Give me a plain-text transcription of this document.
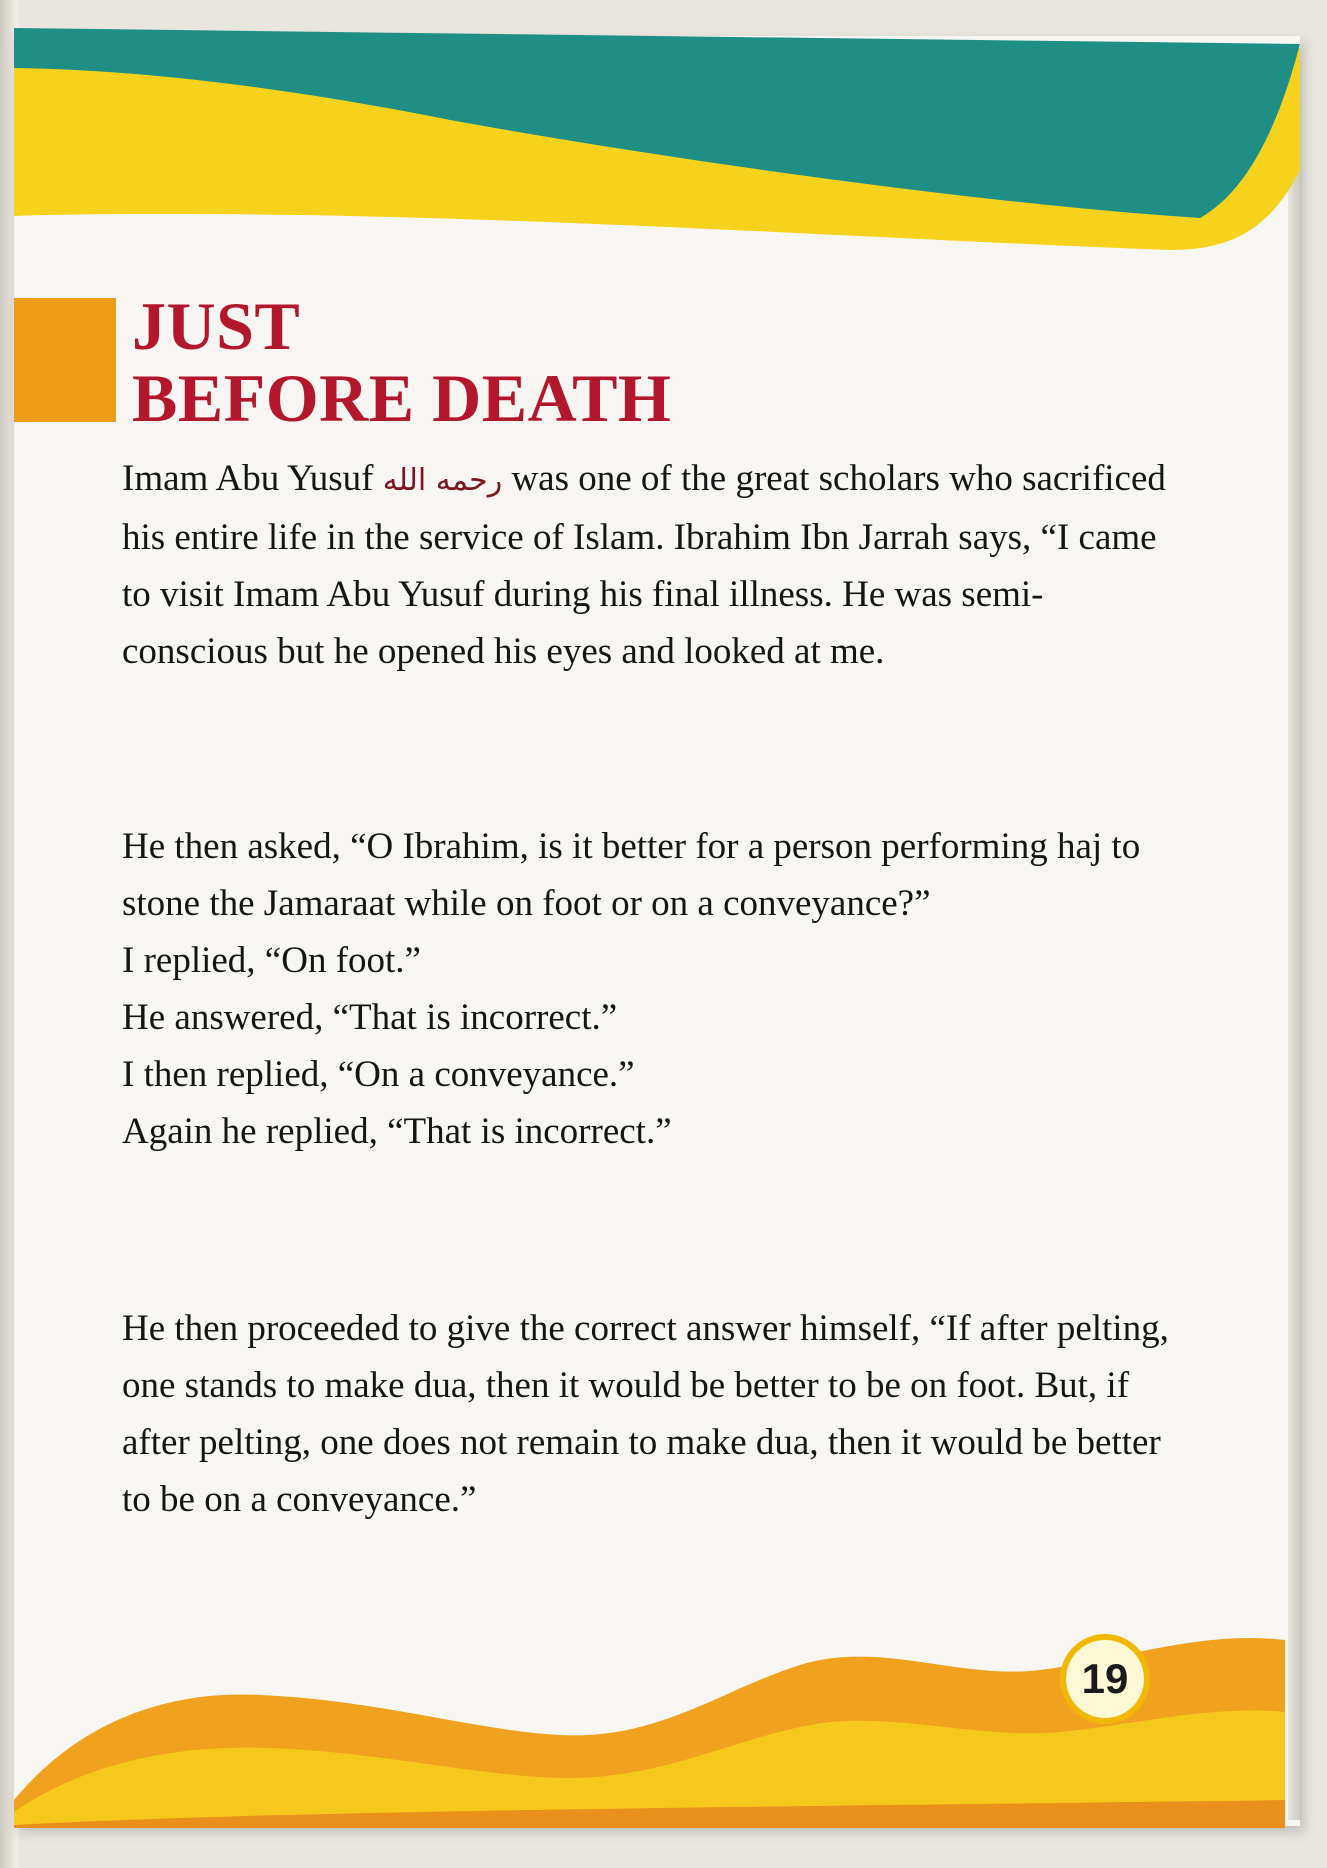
JUST
BEFORE DEATH

Imam Abu Yusuf رحمه الله was one of the great scholars who sacrificed his entire life in the service of Islam. Ibrahim Ibn Jarrah says, “I came to visit Imam Abu Yusuf during his final illness. He was semi-conscious but he opened his eyes and looked at me.

He then asked, “O Ibrahim, is it better for a person performing haj to stone the Jamaraat while on foot or on a conveyance?”

I replied, “On foot.”

He answered, “That is incorrect.”

I then replied, “On a conveyance.”

Again he replied, “That is incorrect.”

He then proceeded to give the correct answer himself, “If after pelting, one stands to make dua, then it would be better to be on foot. But, if after pelting, one does not remain to make dua, then it would be better to be on a conveyance.”

19
